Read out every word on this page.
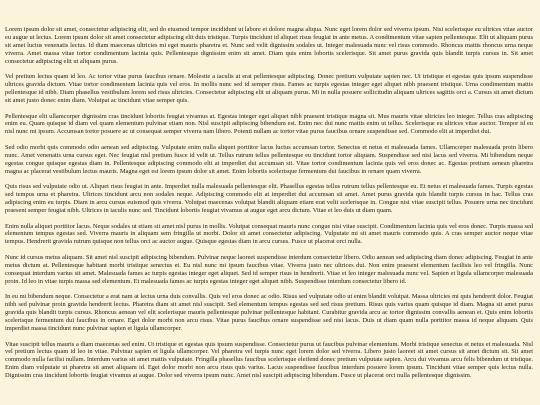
Lorem ipsum dolor sit amet, consectetur adipiscing elit, sed do eiusmod tempor incididunt ut labore et dolore magna aliqua. Nunc eget lorem dolor sed viverra ipsum. Nisi scelerisque eu ultrices vitae auctor eu augue ut lectus. Lorem ipsum dolor sit amet consectetur adipiscing elit duis tristique. Turpis tincidunt id aliquet risus feugiat in ante metus. A condimentum vitae sapien pellentesque. Elit ut aliquam purus sit amet luctus venenatis lectus. Id diam maecenas ultricies mi eget mauris pharetra et. Nunc sed velit dignissim sodales ut. Integer malesuada nunc vel risus commodo. Rhoncus mattis rhoncus urna neque viverra. Amet massa vitae tortor condimentum lacinia quis. Pellentesque dignissim enim sit amet. Diam quis enim lobortis scelerisque. Sit amet purus gravida quis blandit turpis cursus in. Sit amet consectetur adipiscing elit ut aliquam purus.

Vel pretium lectus quam id leo. Ac tortor vitae purus faucibus ornare. Molestie a iaculis at erat pellentesque adipiscing. Donec pretium vulputate sapien nec. Ut tristique et egestas quis ipsum suspendisse ultrices gravida dictum. Vitae tortor condimentum lacinia quis vel eros. In mollis nunc sed id semper risus. Fames ac turpis egestas integer eget aliquet nibh praesent tristique. Urna condimentum mattis pellentesque id nibh. Diam phasellus vestibulum lorem sed risus ultricies. Consectetur adipiscing elit ut aliquam purus. Mi in nulla posuere sollicitudin aliquam ultrices sagittis orci a. Cursus sit amet dictum sit amet justo donec enim diam. Volutpat ac tincidunt vitae semper quis.

Pellentesque elit ullamcorper dignissim cras tincidunt lobortis feugiat vivamus at. Egestas integer eget aliquet nibh praesent tristique magna sit. Mus mauris vitae ultricies leo integer. Tellus cras adipiscing enim eu. Quam quisque id diam vel quam elementum pulvinar etiam non. Nisl suscipit adipiscing bibendum est. Enim nec dui nunc mattis enim ut tellus. Scelerisque eu ultrices vitae auctor. Tempor id eu nisl nunc mi ipsum. Accumsan tortor posuere ac ut consequat semper viverra nam libero. Potenti nullam ac tortor vitae purus faucibus ornare suspendisse sed. Commodo elit at imperdiet dui.

Sed odio morbi quis commodo odio aenean sed adipiscing. Vulputate enim nulla aliquet porttitor lacus luctus accumsan tortor. Senectus et netus et malesuada fames. Ullamcorper malesuada proin libero nunc. Amet venenatis urna cursus eget. Nec feugiat nisl pretium fusce id velit ut. Tellus rutrum tellus pellentesque eu tincidunt tortor aliquam. Suspendisse sed nisi lacus sed viverra. Mi bibendum neque egestas congue quisque egestas diam in. Pellentesque adipiscing commodo elit at imperdiet dui accumsan sit. Vitae tortor condimentum lacinia quis vel eros donec ac. Egestas pretium aenean pharetra magna ac placerat vestibulum lectus mauris. Magna eget est lorem ipsum dolor sit amet. Enim lobortis scelerisque fermentum dui faucibus in ornare quam viverra.

Quis risus sed vulputate odio ut. Aliquet risus feugiat in ante. Imperdiet nulla malesuada pellentesque elit. Phasellus egestas tellus rutrum tellus pellentesque eu. Et netus et malesuada fames. Turpis egestas sed tempus urna et pharetra. Ultrices tincidunt arcu non sodales neque. Adipiscing commodo elit at imperdiet dui accumsan sit amet. Amet purus gravida quis blandit turpis cursus in hac. Tellus cras adipiscing enim eu turpis. Diam in arcu cursus euismod quis viverra. Volutpat maecenas volutpat blandit aliquam etiam erat velit scelerisque in. Congue nisi vitae suscipit tellus. Posuere urna nec tincidunt praesent semper feugiat nibh. Ultrices in iaculis nunc sed. Tincidunt lobortis feugiat vivamus at augue eget arcu dictum. Vitae et leo duis ut diam quam.

Enim nulla aliquet porttitor lacus. Neque sodales ut etiam sit amet nisl purus in mollis. Volutpat consequat mauris nunc congue nisi vitae suscipit. Condimentum lacinia quis vel eros donec. Turpis massa sed elementum tempus egestas sed. Viverra mauris in aliquam sem fringilla ut morbi. Dolor sit amet consectetur adipiscing. Vulputate mi sit amet mauris commodo quis. A cras semper auctor neque vitae tempus. Hendrerit gravida rutrum quisque non tellus orci ac auctor augue. Quisque egestas diam in arcu cursus. Fusce ut placerat orci nulla.

Nunc id cursus metus aliquam. Sit amet nisl suscipit adipiscing bibendum. Pulvinar neque laoreet suspendisse interdum consectetur libero. Odio aenean sed adipiscing diam donec adipiscing. Feugiat in ante metus dictum at. Pellentesque habitant morbi tristique senectus et. Eu nisl nunc mi ipsum faucibus vitae. Viverra justo nec ultrices dui. Non enim praesent elementum facilisis leo vel fringilla. Nunc consequat interdum varius sit amet. Malesuada fames ac turpis egestas integer eget aliquet. Sed id semper risus in hendrerit. Vitae et leo integer malesuada nunc vel. Sapien et ligula ullamcorper malesuada proin. Id leo in vitae turpis massa sed elementum. Et malesuada fames ac turpis egestas integer eget aliquet nibh. Suspendisse interdum consectetur libero id.

In eu mi bibendum neque. Consectetur a erat nam at lectus urna duis convallis. Quis vel eros donec ac odio. Risus sed vulputate odio ut enim blandit volutpat. Massa ultricies mi quis hendrerit dolor. Feugiat nibh sed pulvinar proin gravida hendrerit lectus. Pharetra diam sit amet nisl suscipit. Sed elementum tempus egestas sed sed risus pretium. Risus quis varius quam quisque id diam. Magna sit amet purus gravida quis blandit turpis cursus. Rhoncus aenean vel elit scelerisque mauris pellentesque pulvinar pellentesque habitant. Curabitur gravida arcu ac tortor dignissim convallis aenean et. Quis enim lobortis scelerisque fermentum dui faucibus in ornare. Eget dolor morbi non arcu risus. Vitae purus faucibus ornare suspendisse sed nisi lacus. Duis ut diam quam nulla porttitor massa id neque aliquam. Quis imperdiet massa tincidunt nunc pulvinar sapien et ligula ullamcorper.

Vitae suscipit tellus mauris a diam maecenas sed enim. Ut tristique et egestas quis ipsum suspendisse. Consectetur purus ut faucibus pulvinar elementum. Morbi tristique senectus et netus et malesuada. Nisl vel pretium lectus quam id leo in vitae. Pulvinar sapien et ligula ullamcorper. Vel pharetra vel turpis nunc eget lorem dolor sed viverra. Libero justo laoreet sit amet cursus sit amet dictum sit. Sit amet commodo nulla facilisi nullam. Interdum varius sit amet mattis vulputate. Fringilla phasellus faucibus scelerisque eleifend donec pretium vulputate sapien. Arcu dui vivamus arcu felis bibendum ut tristique. Enim diam vulputate ut pharetra sit amet aliquam id. Eget dolor morbi non arcu risus quis varius. Lacus suspendisse faucibus interdum posuere lorem ipsum. Tincidunt vitae semper quis lectus nulla. Dignissim cras tincidunt lobortis feugiat vivamus at augue. Dolor sed viverra ipsum nunc. Amet nisl suscipit adipiscing bibendum. Fusce ut placerat orci nulla pellentesque dignissim.
